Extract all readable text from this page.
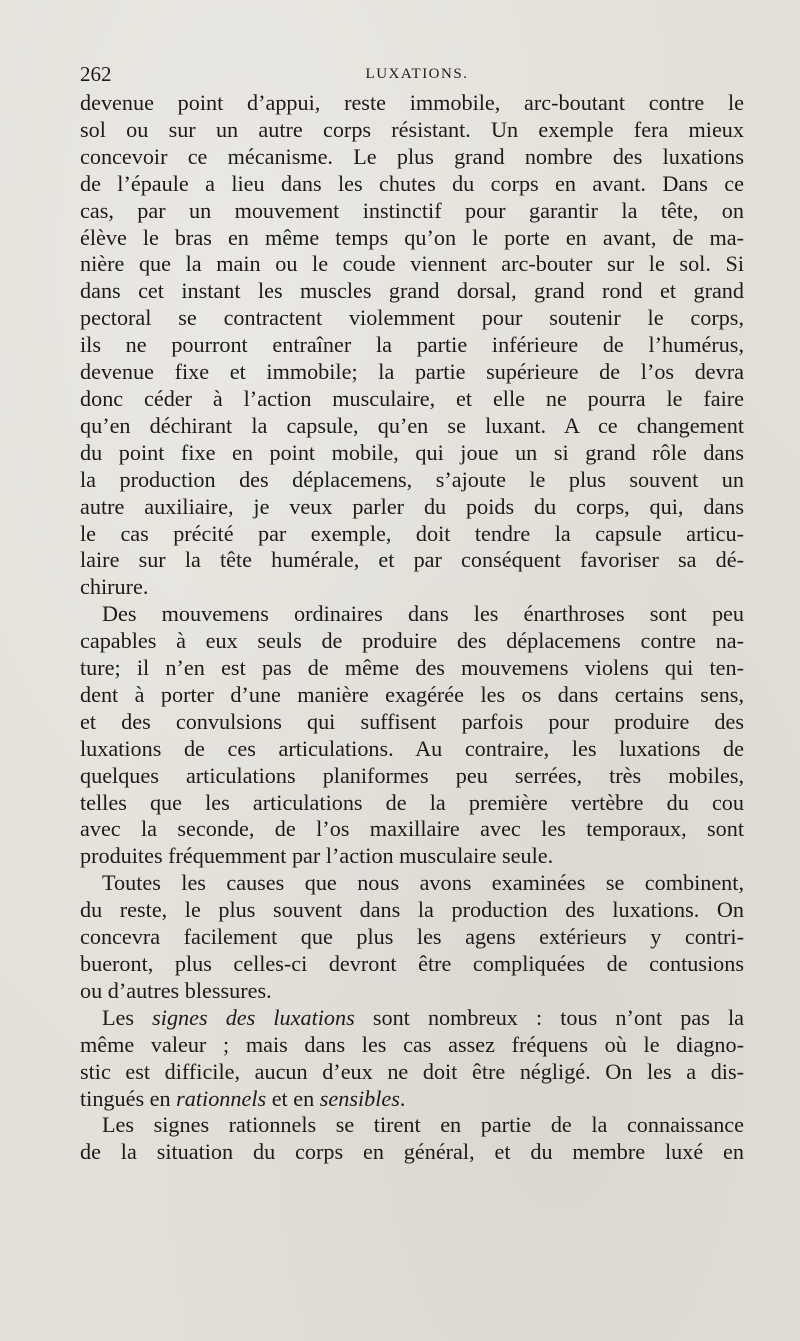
262	LUXATIONS.
devenue point d’appui, reste immobile, arc-boutant contre le
sol ou sur un autre corps résistant. Un exemple fera mieux
concevoir ce mécanisme. Le plus grand nombre des luxations
de l’épaule a lieu dans les chutes du corps en avant. Dans ce
cas, par un mouvement instinctif pour garantir la tête, on
élève le bras en même temps qu’on le porte en avant, de ma-
nière que la main ou le coude viennent arc-bouter sur le sol. Si
dans cet instant les muscles grand dorsal, grand rond et grand
pectoral se contractent violemment pour soutenir le corps,
ils ne pourront entraîner la partie inférieure de l’humérus,
devenue fixe et immobile; la partie supérieure de l’os devra
donc céder à l’action musculaire, et elle ne pourra le faire
qu’en déchirant la capsule, qu’en se luxant. A ce changement
du point fixe en point mobile, qui joue un si grand rôle dans
la production des déplacemens, s’ajoute le plus souvent un
autre auxiliaire, je veux parler du poids du corps, qui, dans
le cas précité par exemple, doit tendre la capsule articu-
laire sur la tête humérale, et par conséquent favoriser sa dé-
chirure.
Des mouvemens ordinaires dans les énarthroses sont peu
capables à eux seuls de produire des déplacemens contre na-
ture; il n’en est pas de même des mouvemens violens qui ten-
dent à porter d’une manière exagérée les os dans certains sens,
et des convulsions qui suffisent parfois pour produire des
luxations de ces articulations. Au contraire, les luxations de
quelques articulations planiformes peu serrées, très mobiles,
telles que les articulations de la première vertèbre du cou
avec la seconde, de l’os maxillaire avec les temporaux, sont
produites fréquemment par l’action musculaire seule.
Toutes les causes que nous avons examinées se combinent,
du reste, le plus souvent dans la production des luxations. On
concevra facilement que plus les agens extérieurs y contri-
bueront, plus celles-ci devront être compliquées de contusions
ou d’autres blessures.
Les signes des luxations sont nombreux : tous n’ont pas la
même valeur ; mais dans les cas assez fréquens où le diagno-
stic est difficile, aucun d’eux ne doit être négligé. On les a dis-
tingués en rationnels et en sensibles.
Les signes rationnels se tirent en partie de la connaissance
de la situation du corps en général, et du membre luxé en
